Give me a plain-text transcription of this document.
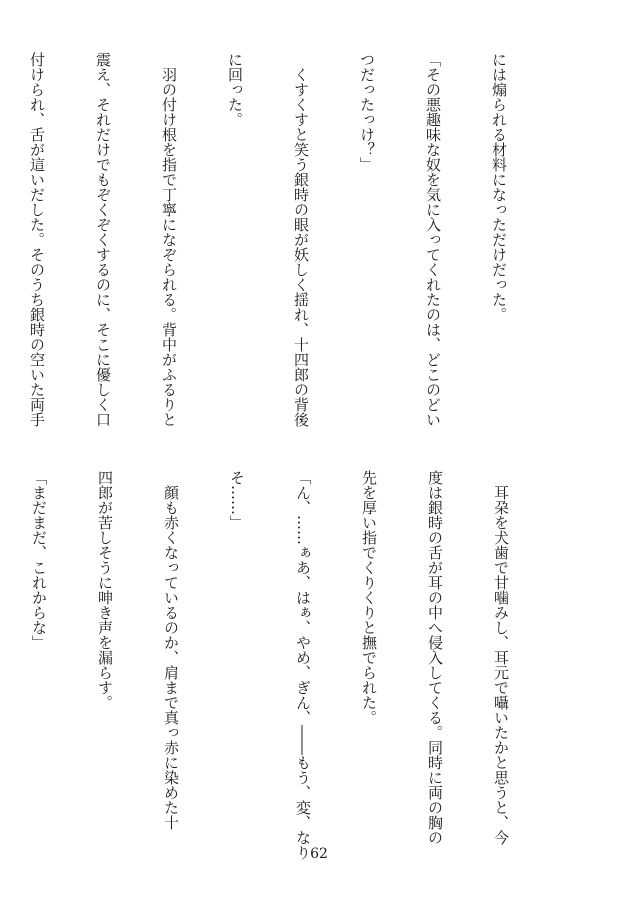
には煽られる材料になっただけだった。

「その悪趣味な奴を気に入ってくれたのは、どこのどい

つだったっけ？」

　くすくすと笑う銀時の眼が妖しく揺れ、十四郎の背後

に回った。

　羽の付け根を指で丁寧になぞられる。背中がふるりと

震え、それだけでもぞくぞくするのに、そこに優しく口

付けられ、舌が這いだした。そのうち銀時の空いた両手

　耳朶を犬歯で甘噛みし、耳元で囁いたかと思うと、今

度は銀時の舌が耳の中へ侵入してくる。同時に両の胸の

先を厚い指でくりくりと撫でられた。

「ん、……ぁあ、はぁ、やめ、ぎん、――もう、変、なり

そ……」

　顔も赤くなっているのか、肩まで真っ赤に染めた十

四郎が苦しそうに呻き声を漏らす。

「まだまだ、これからな」

62
